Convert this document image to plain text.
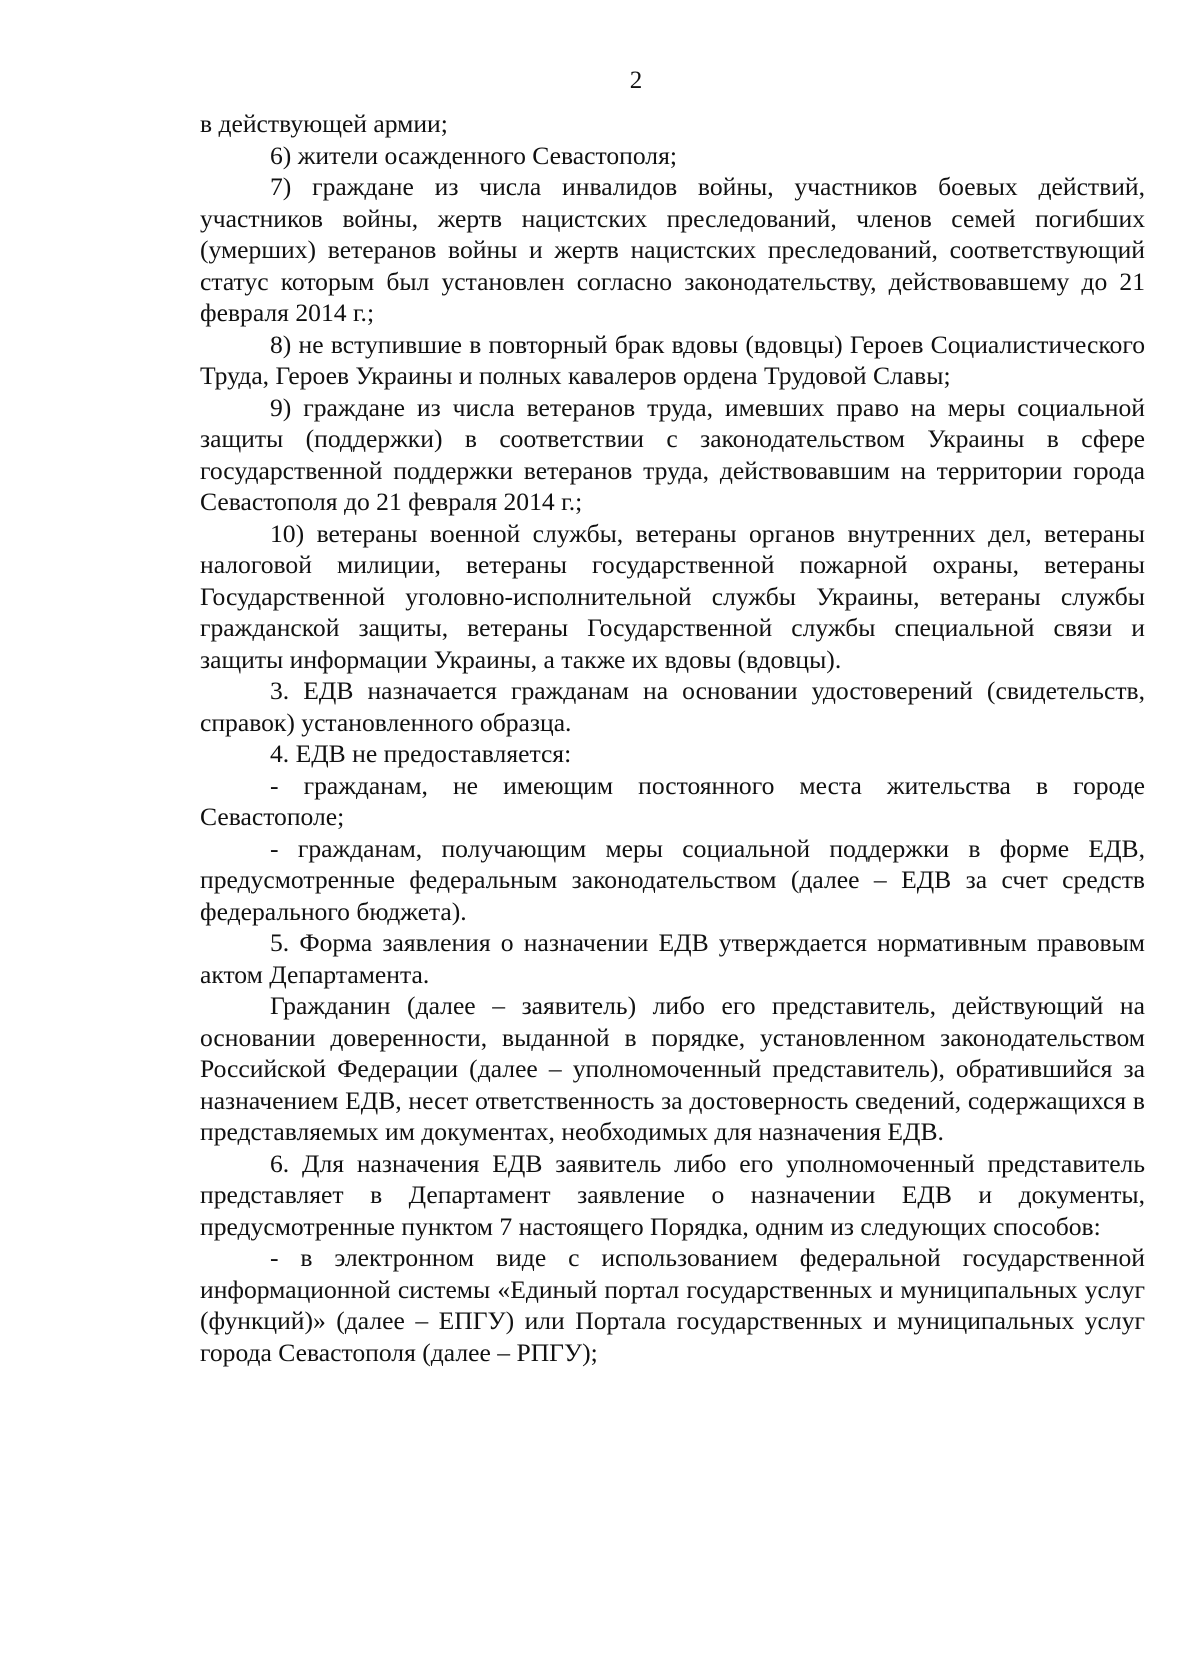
2

в действующей армии;

6) жители осажденного Севастополя;

7) граждане из числа инвалидов войны, участников боевых действий, участников войны, жертв нацистских преследований, членов семей погибших (умерших) ветеранов войны и жертв нацистских преследований, соответствующий статус которым был установлен согласно законодательству, действовавшему до 21 февраля 2014 г.;

8) не вступившие в повторный брак вдовы (вдовцы) Героев Социалистического Труда, Героев Украины и полных кавалеров ордена Трудовой Славы;

9) граждане из числа ветеранов труда, имевших право на меры социальной защиты (поддержки) в соответствии с законодательством Украины в сфере государственной поддержки ветеранов труда, действовавшим на территории города Севастополя до 21 февраля 2014 г.;

10) ветераны военной службы, ветераны органов внутренних дел, ветераны налоговой милиции, ветераны государственной пожарной охраны, ветераны Государственной уголовно-исполнительной службы Украины, ветераны службы гражданской защиты, ветераны Государственной службы специальной связи и защиты информации Украины, а также их вдовы (вдовцы).

3. ЕДВ назначается гражданам на основании удостоверений (свидетельств, справок) установленного образца.

4. ЕДВ не предоставляется:

- гражданам, не имеющим постоянного места жительства в городе Севастополе;

- гражданам, получающим меры социальной поддержки в форме ЕДВ, предусмотренные федеральным законодательством (далее – ЕДВ за счет средств федерального бюджета).

5. Форма заявления о назначении ЕДВ утверждается нормативным правовым актом Департамента.

Гражданин (далее – заявитель) либо его представитель, действующий на основании доверенности, выданной в порядке, установленном законодательством Российской Федерации (далее – уполномоченный представитель), обратившийся за назначением ЕДВ, несет ответственность за достоверность сведений, содержащихся в представляемых им документах, необходимых для назначения ЕДВ.

6. Для назначения ЕДВ заявитель либо его уполномоченный представитель представляет в Департамент заявление о назначении ЕДВ и документы, предусмотренные пунктом 7 настоящего Порядка, одним из следующих способов:

- в электронном виде с использованием федеральной государственной информационной системы «Единый портал государственных и муниципальных услуг (функций)» (далее – ЕПГУ) или Портала государственных и муниципальных услуг города Севастополя (далее – РПГУ);
